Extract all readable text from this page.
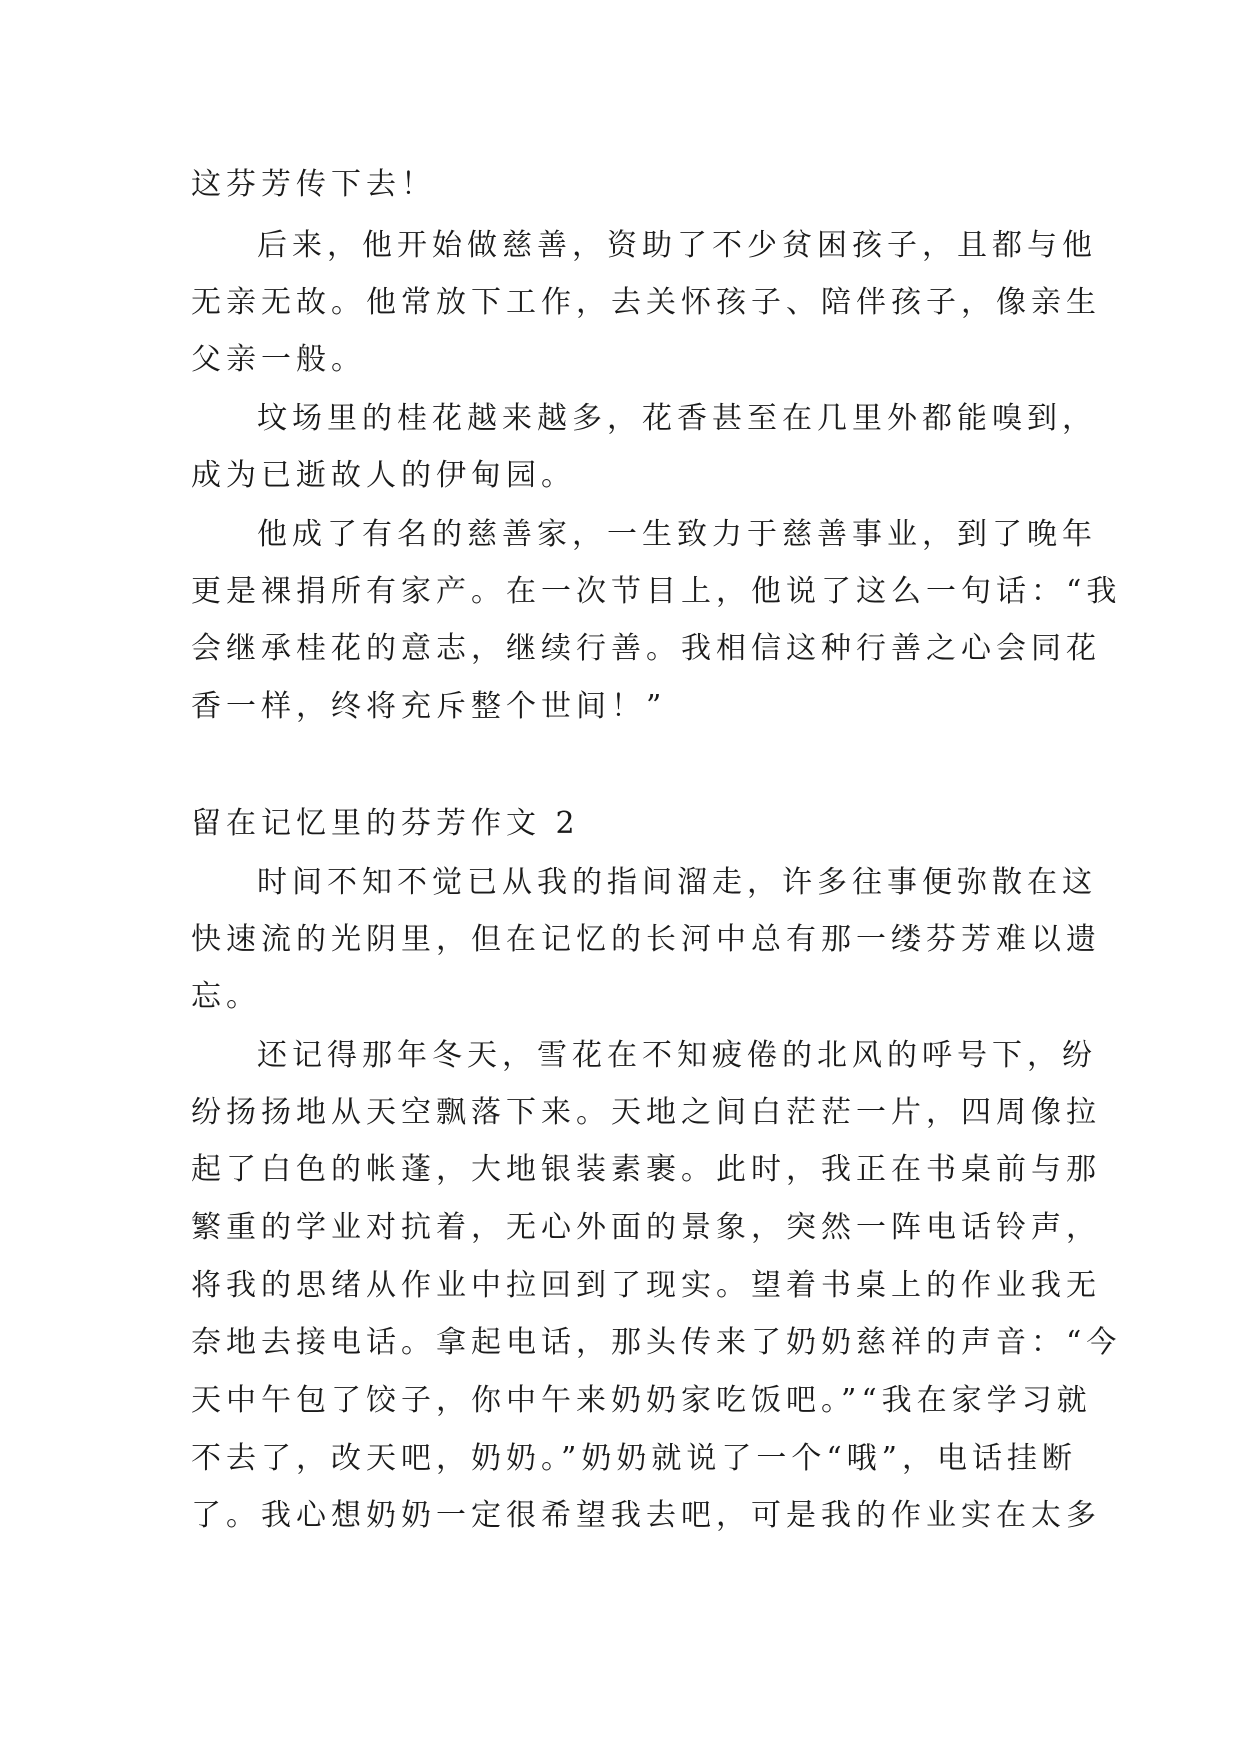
这芬芳传下去！
后来，他开始做慈善，资助了不少贫困孩子，且都与他
无亲无故。他常放下工作，去关怀孩子、陪伴孩子，像亲生
父亲一般。
坟场里的桂花越来越多，花香甚至在几里外都能嗅到，
成为已逝故人的伊甸园。
他成了有名的慈善家，一生致力于慈善事业，到了晚年
更是裸捐所有家产。在一次节目上，他说了这么一句话：“我
会继承桂花的意志，继续行善。我相信这种行善之心会同花
香一样，终将充斥整个世间！”
留在记忆里的芬芳作文 2
时间不知不觉已从我的指间溜走，许多往事便弥散在这
快速流的光阴里，但在记忆的长河中总有那一缕芬芳难以遗
忘。
还记得那年冬天，雪花在不知疲倦的北风的呼号下，纷
纷扬扬地从天空飘落下来。天地之间白茫茫一片，四周像拉
起了白色的帐蓬，大地银装素裹。此时，我正在书桌前与那
繁重的学业对抗着，无心外面的景象，突然一阵电话铃声，
将我的思绪从作业中拉回到了现实。望着书桌上的作业我无
奈地去接电话。拿起电话，那头传来了奶奶慈祥的声音：“今
天中午包了饺子，你中午来奶奶家吃饭吧。”“我在家学习就
不去了，改天吧，奶奶。”奶奶就说了一个“哦”，电话挂断
了。我心想奶奶一定很希望我去吧，可是我的作业实在太多
